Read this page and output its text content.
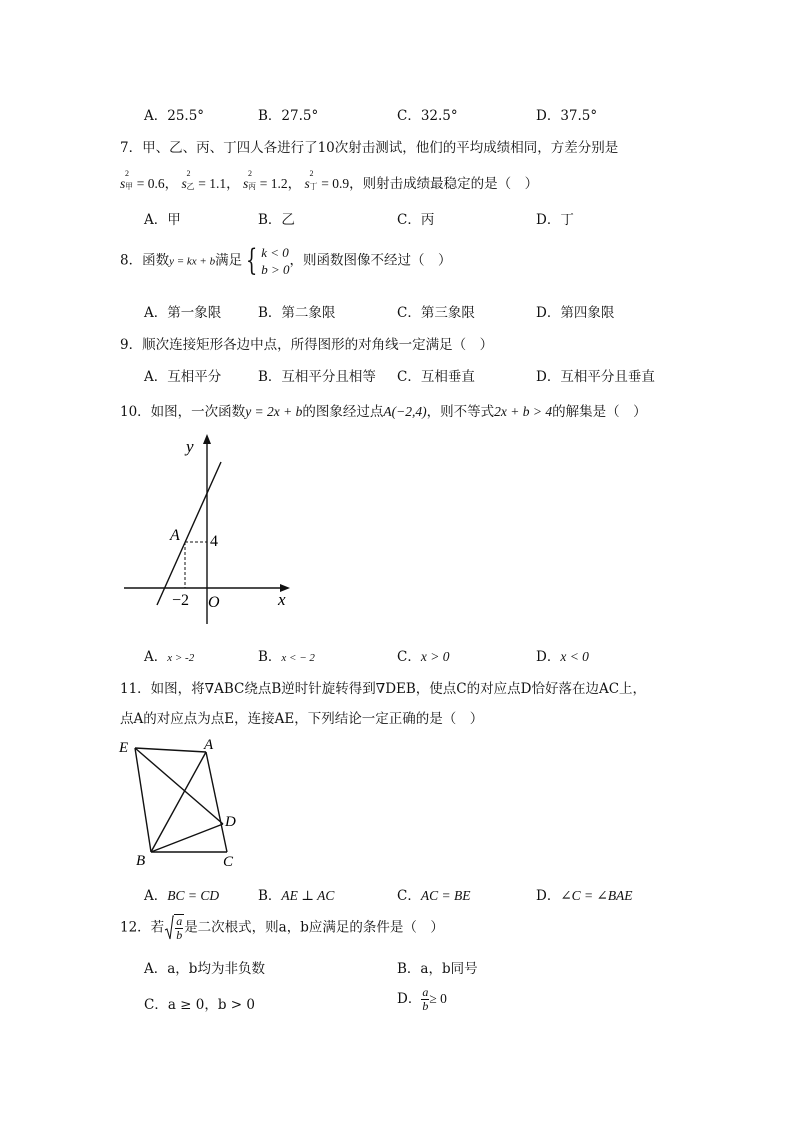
A．25.5°	B．27.5°	C．32.5°	D．37.5°
7．甲、乙、丙、丁四人各进行了10次射击测试，他们的平均成绩相同，方差分别是
s
2
甲 = 0.6， s
2
乙 = 1.1， s
2
丙 = 1.2， s
2
丁 = 0.9，则射击成绩最稳定的是（　）
A．甲	B．乙	C．丙	D．丁
8．函数y = kx + b满足 { k < 0
b > 0
，则函数图像不经过（　）
A．第一象限	B．第二象限	C．第三象限	D．第四象限
9．顺次连接矩形各边中点，所得图形的对角线一定满足（　）
A．互相平分	B．互相平分且相等 C．互相垂直	D．互相平分且垂直
10．如图，一次函数y = 2x + b的图象经过点A(−2,4)，则不等式2x + b > 4的解集是（　）
y
x
A 4
−2 O
A．x > -2	B．x < − 2	C．x > 0	D．x < 0
11．如图，将∇ABC绕点B逆时针旋转得到∇DEB，使点C的对应点D恰好落在边AC上，
点A的对应点为点E，连接AE，下列结论一定正确的是（　）
E	A
D
B	C
A．BC = CD	B．AE ⊥ AC	C．AC = BE	D．∠C = ∠BAE
12．若 $\frac{a}{b}$ 是二次根式，则a，b应满足的条件是（　）
A．a，b均为非负数	B．a，b同号
C．a ≥ 0，b > 0	D． $\frac{a}{b} \ge 0$
